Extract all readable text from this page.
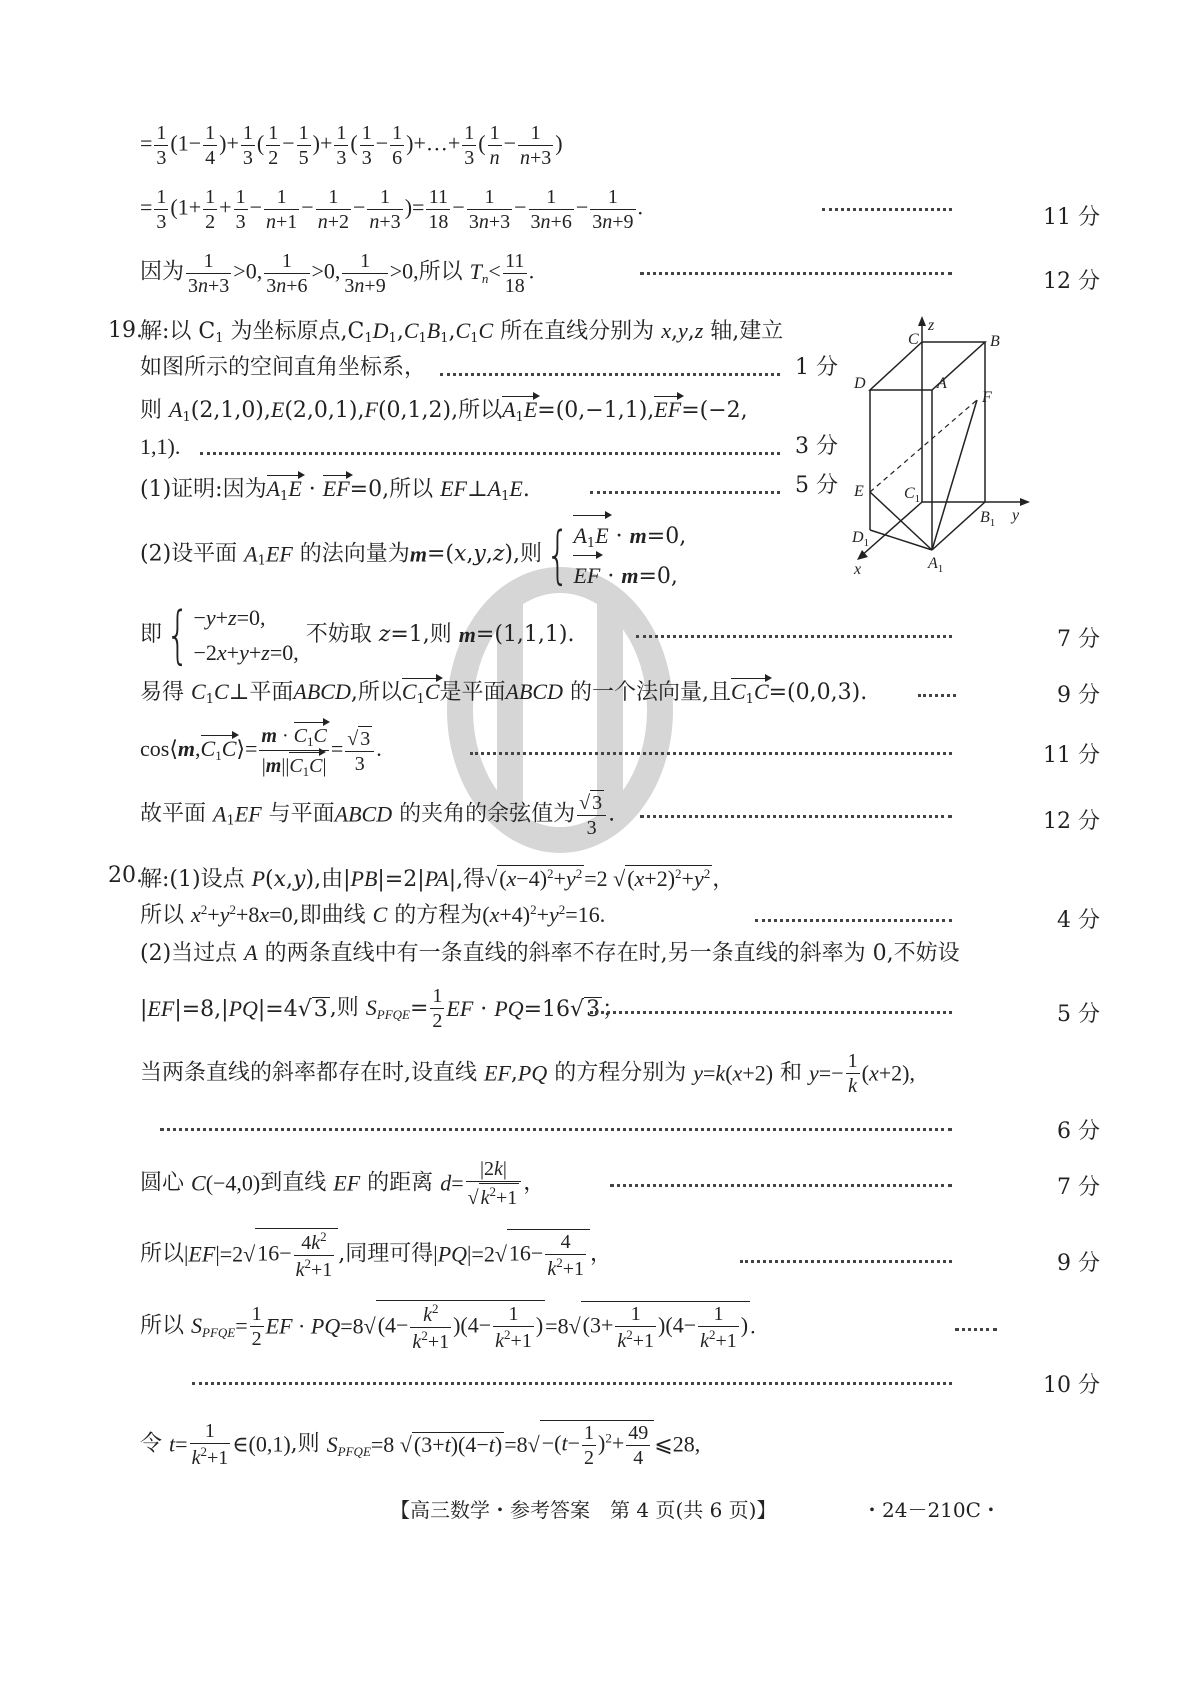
= $\frac{1}{3} (1- \frac{1}{4}$ )+ $\frac{1}{3}$ ( $\frac{1}{2} - \frac{1}{5}$ )+ $\frac{1}{3}$ ( $\frac{1}{3} - \frac{1}{6}$ )+…+ $\frac{1}{3}$ ( $\frac{1}{n} - \frac{1}{n+3}$ )
= $\frac{1}{3} (1+ \frac{1}{2} + \frac{1}{3} - \frac{1}{n+1} - \frac{1}{n+2} - \frac{1}{n+3}$ )= $\frac{11}{18} - \frac{1}{3n+3} - \frac{1}{3n+6} - \frac{1}{3n+9}$ .	11 分
因为 $\frac{1}{3n+3} >0$, $\frac{1}{3n+6} >0$, $\frac{1}{3n+9} >0$,所以 $T_n< \frac{11}{18}$ .	12 分
19.
解:以 $C_1$ 为坐标原点$,C_1D_1,C_1B_1,C_1C$ 所在直线分别为 x,y,z 轴,建立
如图所示的空间直角坐标系，	1 分
则 $A_1(2,1,0),E(2,0,1),F(0,1,2)$,所以$A_1E=(0,-1,1),EF=(-2$,
1,1).	3 分
(1)证明:因为$A_1E \cdot EF=0$,所以 $EF\perp A_1E$.	5 分
(2)设平面 $A_1EF$ 的法向量为m=(x,y,z),则{ $A_1E \cdot m=0$,
EF · m=0,
即{ −y+z=0,
−2x+y+z=0,
不妨取 z=1,则 m=(1,1,1).	7 分
易得 $C_1C\perp$平面ABCD,所以$C_1C$是平面ABCD 的一个法向量,且$C_1C=(0,0,3)$.	9 分
$\cos⟨m,C_1C⟩= \frac{m \cdot C_1C}{|m||C_1C|} = \frac{√ 3}{3}$ .	11 分
故平面 $A_1EF$ 与平面ABCD 的夹角的余弦值为 $\frac{√ 3}{3}$ .	12 分
z
C	B
D	A
F
E	$C_1$
$B_1$ y
$D_1$
$A_1$
x
20.
解:(1)设点 P(x,y),由|PB|=2|PA|,得$√(x-4)^2+y^2=2$ $√(x+2)^2+y^2$，
所以 $x^2+y^2+8x=0$,即曲线 C 的方程为$(x+4)^2+y^2=16$.	4 分
(2)当过点 A 的两条直线中有一条直线的斜率不存在时,另一条直线的斜率为 0,不妨设
|EF|=8,|PQ|=4√3,则 $S_{PFQE}= \frac{1}{2}$ EF · PQ=16√3；	5 分
当两条直线的斜率都存在时,设直线 EF,PQ 的方程分别为 y=k(x+2) 和 $y=- \frac{1}{k} (x+2)$,
6 分
圆心 C(−4,0)到直线 EF 的距离 $d= \frac{|2k|}{√ k^2+1}$ ，	7 分
所以$|EF|=2√16- \frac{4k^2}{k^2+1}$ ,同理可得$|PQ|=2√16- \frac{4}{k^2+1}$ ，	9 分
所以 $S_{PFQE}= \frac{1}{2}$ EF · $PQ=8√(4- \frac{k^2}{k^2+1} )(4- \frac{1}{k^2+1} )=8√(3+ \frac{1}{k^2+1} )(4- \frac{1}{k^2+1}$ ).
10 分
令 $t= \frac{1}{k^2+1}$ ∈(0,1),则 $S_{PFQE}=8$ $√(3+t)(4-t)=8√-(t- \frac{1}{2} )^2+ \frac{49}{4}$ ⩽28,
【高三数学・参考答案　第 4 页(共 6 页)】	・24－210C・
